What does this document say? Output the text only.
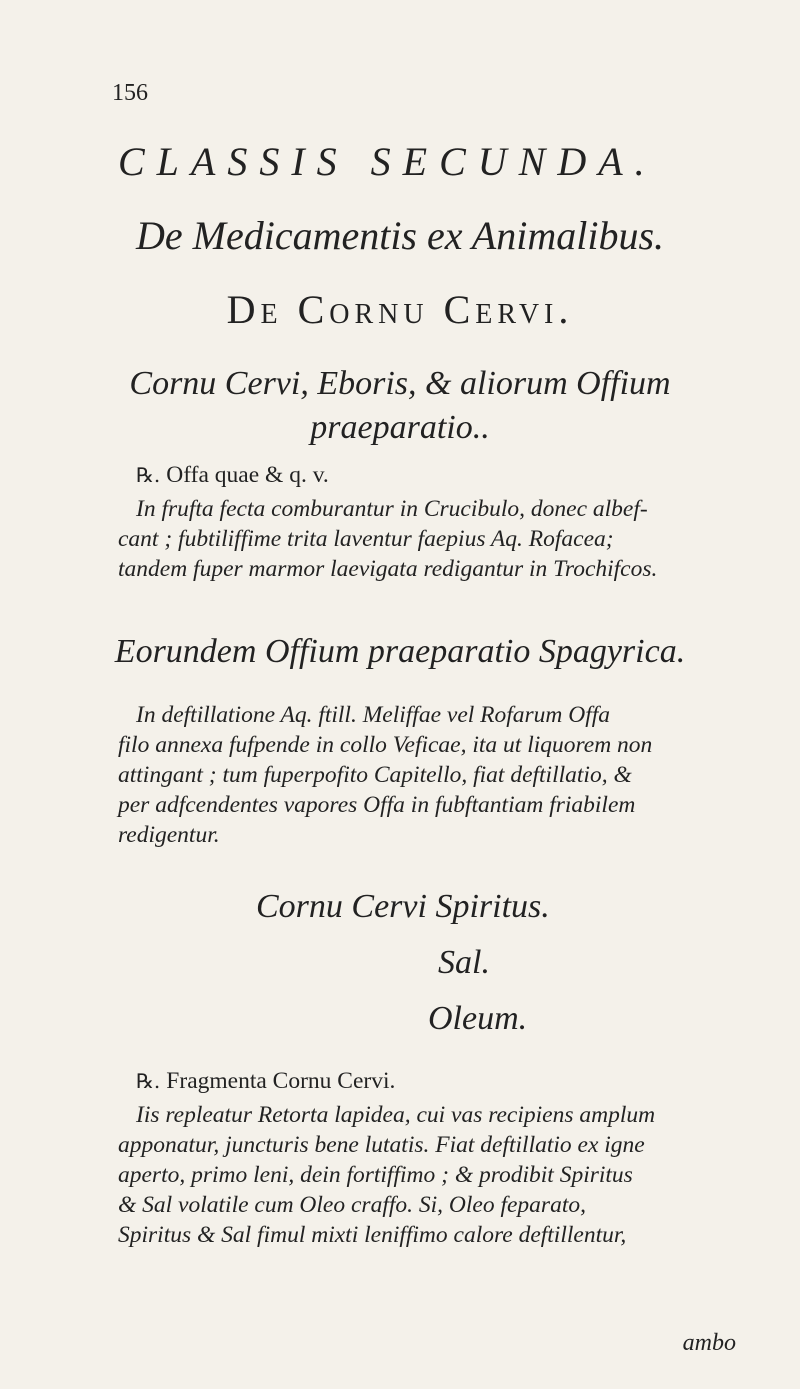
156
CLASSIS SECUNDA.
De Medicamentis ex Animalibus.
De Cornu Cervi.
Cornu Cervi, Eboris, & aliorum Offium
praeparatio..
℞. Offa quae & q. v.
In frufta fecta comburantur in Crucibulo, donec albef-
cant ; fubtiliffime trita laventur faepius Aq. Rofacea;
tandem fuper marmor laevigata redigantur in Trochifcos.
Eorundem Offium praeparatio Spagyrica.
In deftillatione Aq. ftill. Meliffae vel Rofarum Offa
filo annexa fufpende in collo Veficae, ita ut liquorem non
attingant ; tum fuperpofito Capitello, fiat deftillatio, &
per adfcendentes vapores Offa in fubftantiam friabilem
redigentur.
Cornu Cervi Spiritus.
Sal.
Oleum.
℞. Fragmenta Cornu Cervi.
Iis repleatur Retorta lapidea, cui vas recipiens amplum
apponatur, juncturis bene lutatis. Fiat deftillatio ex igne
aperto, primo leni, dein fortiffimo ; & prodibit Spiritus
& Sal volatile cum Oleo craffo. Si, Oleo feparato,
Spiritus & Sal fimul mixti leniffimo calore deftillentur,
ambo
